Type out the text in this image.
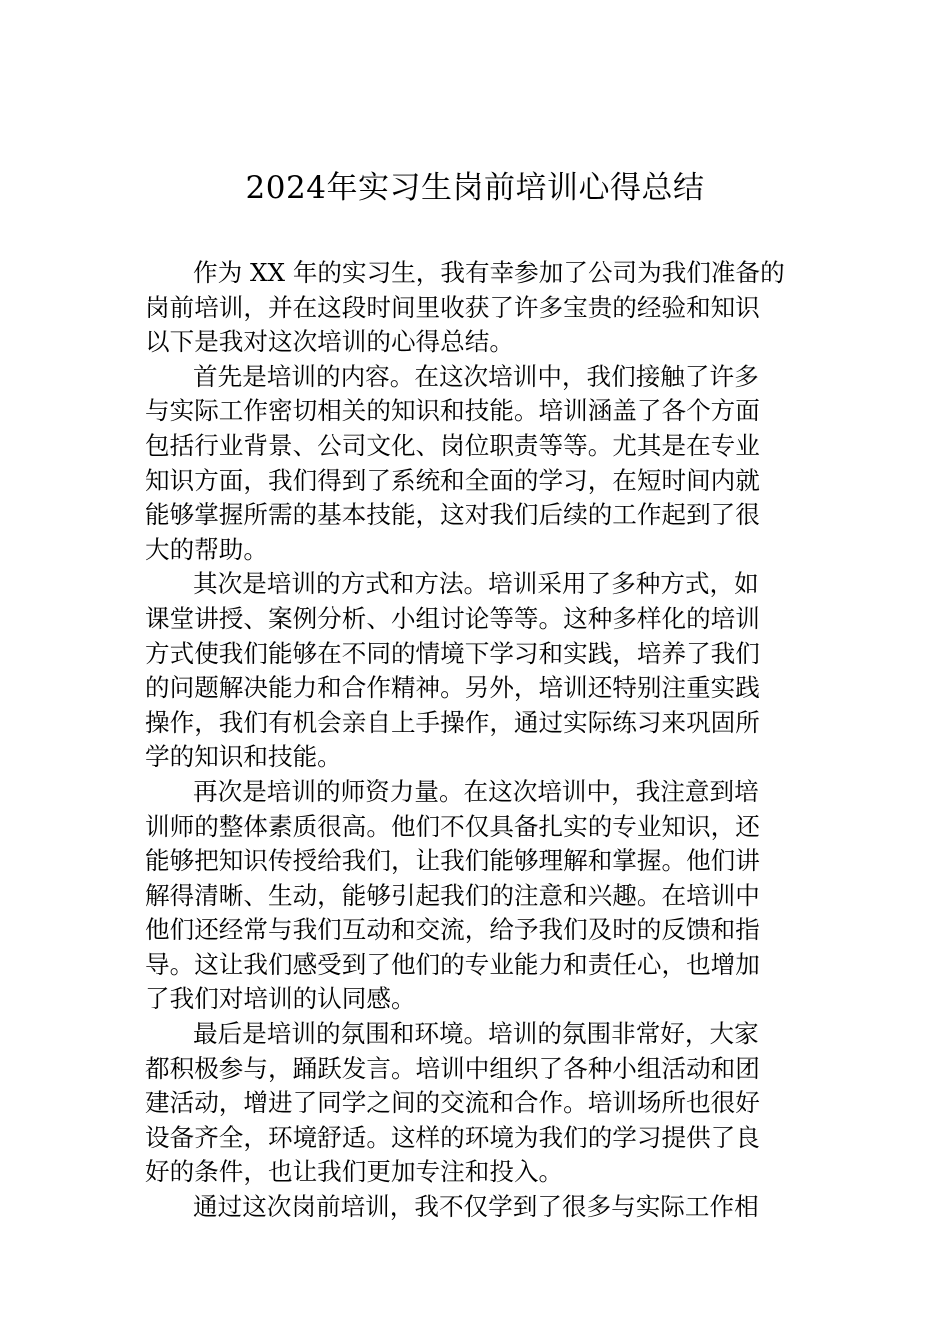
2024年实习生岗前培训心得总结
作为 XX 年的实习生，我有幸参加了公司为我们准备的
岗前培训，并在这段时间里收获了许多宝贵的经验和知识
以下是我对这次培训的心得总结。
首先是培训的内容。在这次培训中，我们接触了许多
与实际工作密切相关的知识和技能。培训涵盖了各个方面
包括行业背景、公司文化、岗位职责等等。尤其是在专业
知识方面，我们得到了系统和全面的学习，在短时间内就
能够掌握所需的基本技能，这对我们后续的工作起到了很
大的帮助。
其次是培训的方式和方法。培训采用了多种方式，如
课堂讲授、案例分析、小组讨论等等。这种多样化的培训
方式使我们能够在不同的情境下学习和实践，培养了我们
的问题解决能力和合作精神。另外，培训还特别注重实践
操作，我们有机会亲自上手操作，通过实际练习来巩固所
学的知识和技能。
再次是培训的师资力量。在这次培训中，我注意到培
训师的整体素质很高。他们不仅具备扎实的专业知识，还
能够把知识传授给我们，让我们能够理解和掌握。他们讲
解得清晰、生动，能够引起我们的注意和兴趣。在培训中
他们还经常与我们互动和交流，给予我们及时的反馈和指
导。这让我们感受到了他们的专业能力和责任心，也增加
了我们对培训的认同感。
最后是培训的氛围和环境。培训的氛围非常好，大家
都积极参与，踊跃发言。培训中组织了各种小组活动和团
建活动，增进了同学之间的交流和合作。培训场所也很好
设备齐全，环境舒适。这样的环境为我们的学习提供了良
好的条件，也让我们更加专注和投入。
通过这次岗前培训，我不仅学到了很多与实际工作相
